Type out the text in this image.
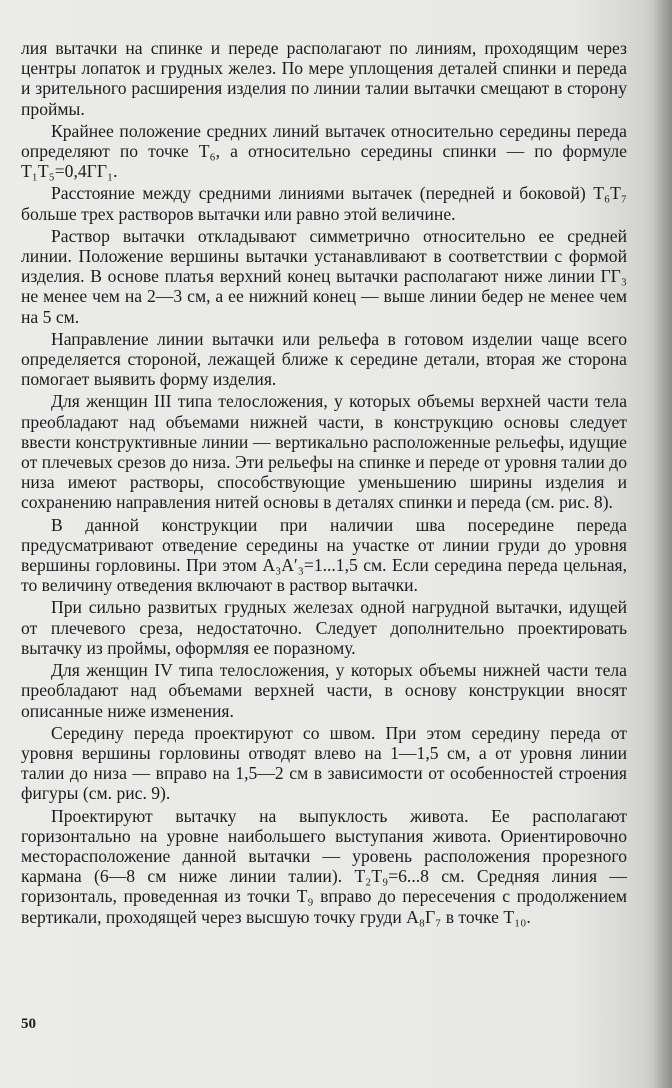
лия вытачки на спинке и переде располагают по линиям, проходящим через центры лопаток и грудных желез. По мере уплощения деталей спинки и переда и зрительного расширения изделия по линии талии вытачки смещают в сторону проймы.

Крайнее положение средних линий вытачек относительно середины переда определяют по точке Т₆, а относительно середины спинки — по формуле Т₁Т₅=0,4ГГ₁.

Расстояние между средними линиями вытачек (передней и боковой) Т₆Т₇ больше трех растворов вытачки или равно этой величине.

Раствор вытачки откладывают симметрично относительно ее средней линии. Положение вершины вытачки устанавливают в соответствии с формой изделия. В основе платья верхний конец вытачки располагают ниже линии ГГ₃ не менее чем на 2—3 см, а ее нижний конец — выше линии бедер не менее чем на 5 см.

Направление линии вытачки или рельефа в готовом изделии чаще всего определяется стороной, лежащей ближе к середине детали, вторая же сторона помогает выявить форму изделия.

Для женщин III типа телосложения, у которых объемы верхней части тела преобладают над объемами нижней части, в конструкцию основы следует ввести конструктивные линии — вертикально расположенные рельефы, идущие от плечевых срезов до низа. Эти рельефы на спинке и переде от уровня талии до низа имеют растворы, способствующие уменьшению ширины изделия и сохранению направления нитей основы в деталях спинки и переда (см. рис. 8).

В данной конструкции при наличии шва посередине переда предусматривают отведение середины на участке от линии груди до уровня вершины горловины. При этом А₃А′₃=1...1,5 см. Если середина переда цельная, то величину отведения включают в раствор вытачки.

При сильно развитых грудных железах одной нагрудной вытачки, идущей от плечевого среза, недостаточно. Следует дополнительно проектировать вытачку из проймы, оформляя ее поразному.

Для женщин IV типа телосложения, у которых объемы нижней части тела преобладают над объемами верхней части, в основу конструкции вносят описанные ниже изменения.

Середину переда проектируют со швом. При этом середину переда от уровня вершины горловины отводят влево на 1—1,5 см, а от уровня линии талии до низа — вправо на 1,5—2 см в зависимости от особенностей строения фигуры (см. рис. 9).

Проектируют вытачку на выпуклость живота. Ее располагают горизонтально на уровне наибольшего выступания живота. Ориентировочно месторасположение данной вытачки — уровень расположения прорезного кармана (6—8 см ниже линии талии). Т₂Т₉=6...8 см. Средняя линия — горизонталь, проведенная из точки Т₉ вправо до пересечения с продолжением вертикали, проходящей через высшую точку груди А₈Г₇ в точке Т₁₀.

50
